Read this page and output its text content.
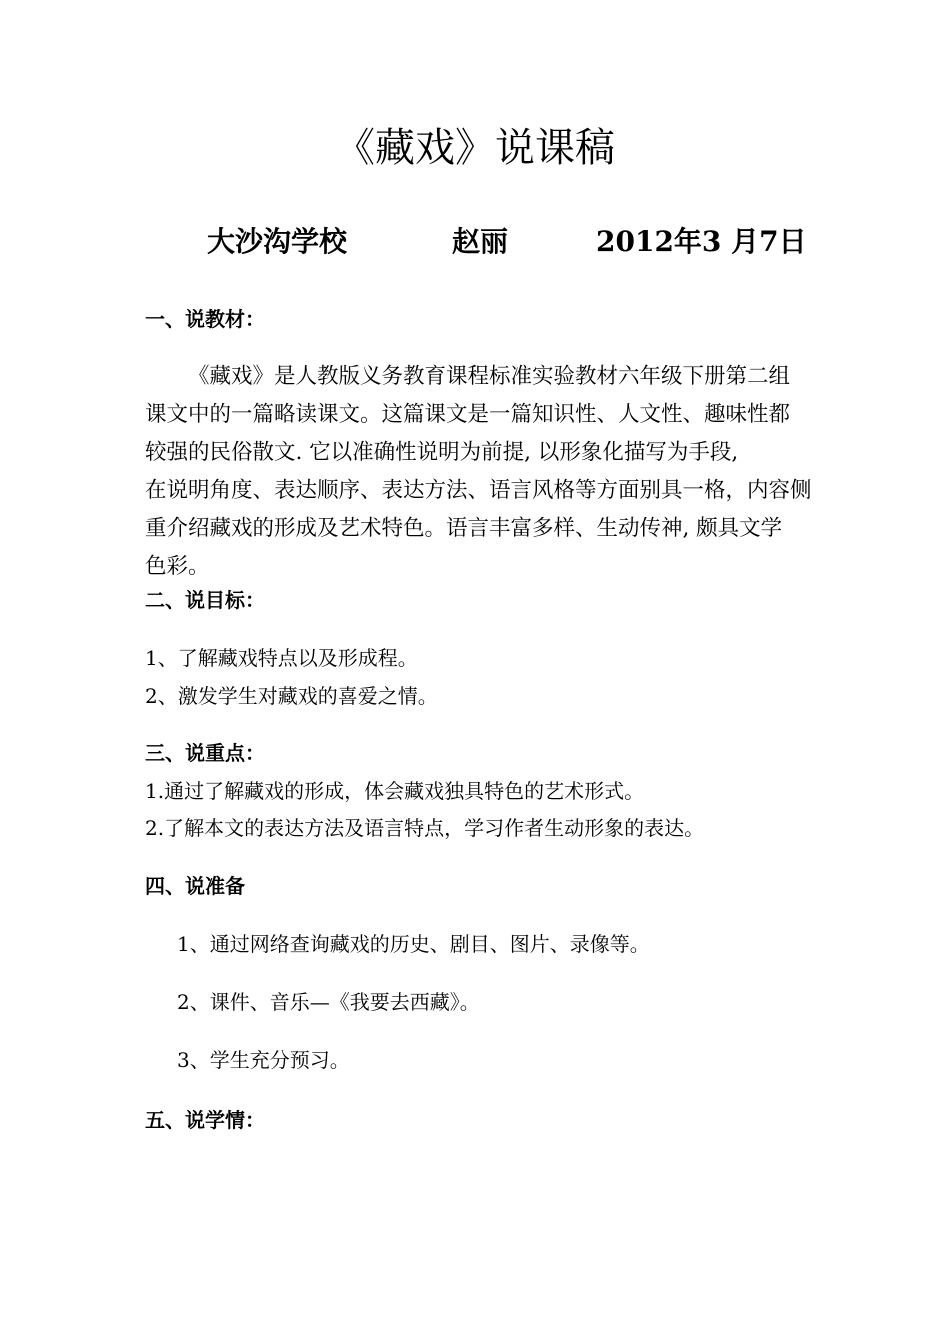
《藏戏》说课稿
大沙沟学校	赵丽	2012年3 月7日
一、说教材：
《藏戏》是人教版义务教育课程标准实验教材六年级下册第二组
课文中的一篇略读课文。这篇课文是一篇知识性、人文性、趣味性都
较强的民俗散文. 它以准确性说明为前提, 以形象化描写为手段,
在说明角度、表达顺序、表达方法、语言风格等方面别具一格，内容侧
重介绍藏戏的形成及艺术特色。语言丰富多样、生动传神, 颇具文学
色彩。
二、说目标：
1、了解藏戏特点以及形成程。
2、激发学生对藏戏的喜爱之情。
三、说重点：
1.通过了解藏戏的形成，体会藏戏独具特色的艺术形式。
2.了解本文的表达方法及语言特点，学习作者生动形象的表达。
四、说准备
1、通过网络查询藏戏的历史、剧目、图片、录像等。
2、课件、音乐—《我要去西藏》。
3、学生充分预习。
五、说学情：
